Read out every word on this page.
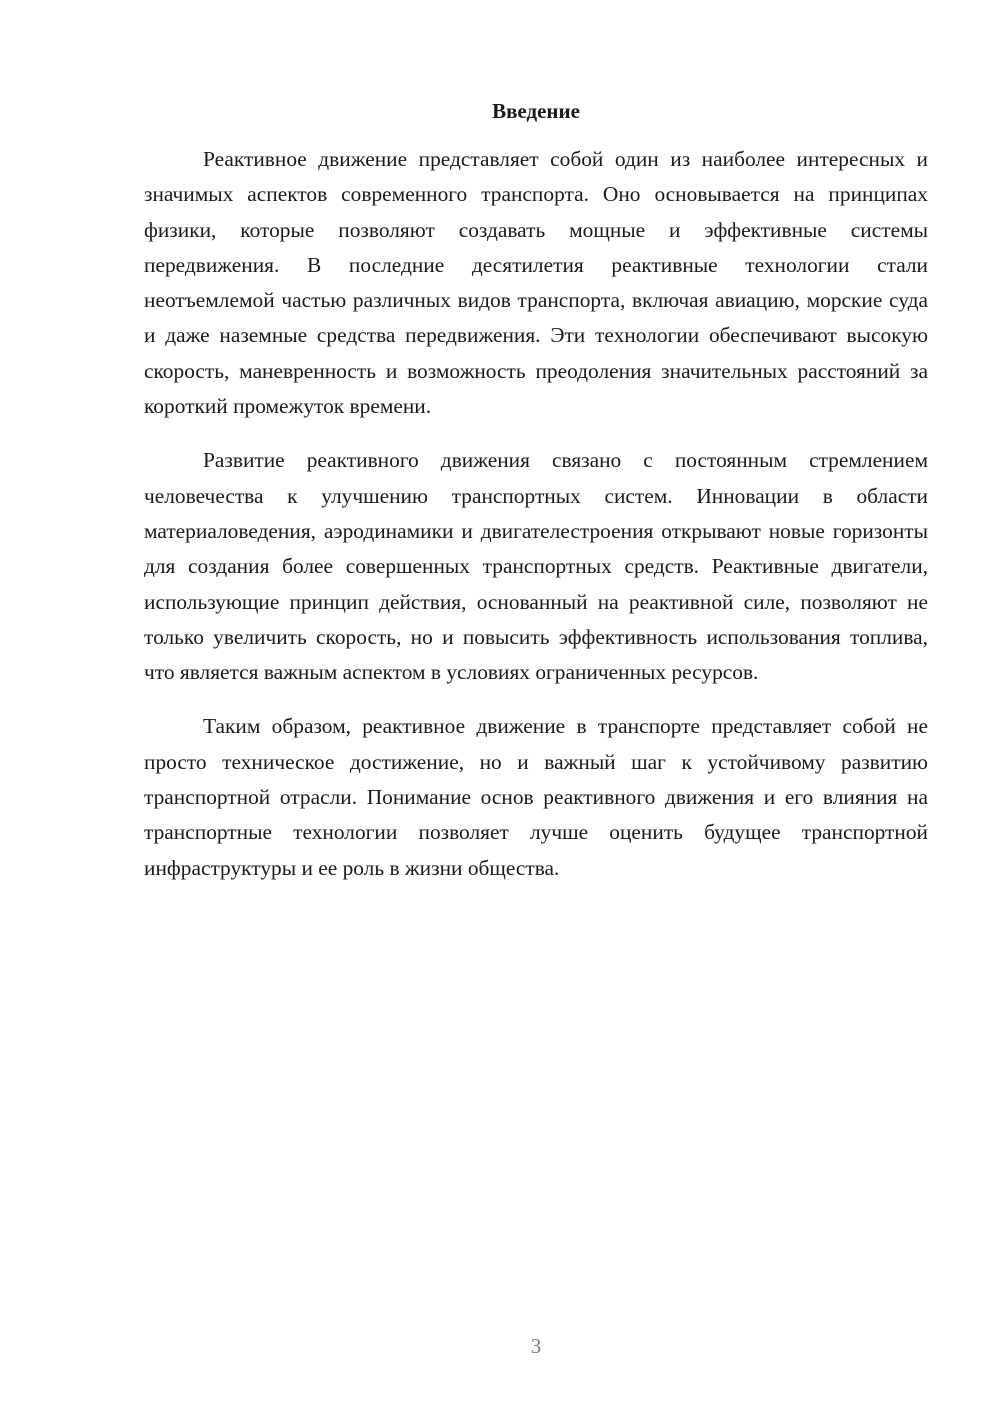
Введение

Реактивное движение представляет собой один из наиболее интересных и значимых аспектов современного транспорта. Оно основывается на принципах физики, которые позволяют создавать мощные и эффективные системы передвижения. В последние десятилетия реактивные технологии стали неотъемлемой частью различных видов транспорта, включая авиацию, морские суда и даже наземные средства передвижения. Эти технологии обеспечивают высокую скорость, маневренность и возможность преодоления значительных расстояний за короткий промежуток времени.

Развитие реактивного движения связано с постоянным стремлением человечества к улучшению транспортных систем. Инновации в области материаловедения, аэродинамики и двигателестроения открывают новые горизонты для создания более совершенных транспортных средств. Реактивные двигатели, использующие принцип действия, основанный на реактивной силе, позволяют не только увеличить скорость, но и повысить эффективность использования топлива, что является важным аспектом в условиях ограниченных ресурсов.

Таким образом, реактивное движение в транспорте представляет собой не просто техническое достижение, но и важный шаг к устойчивому развитию транспортной отрасли. Понимание основ реактивного движения и его влияния на транспортные технологии позволяет лучше оценить будущее транспортной инфраструктуры и ее роль в жизни общества.

3
